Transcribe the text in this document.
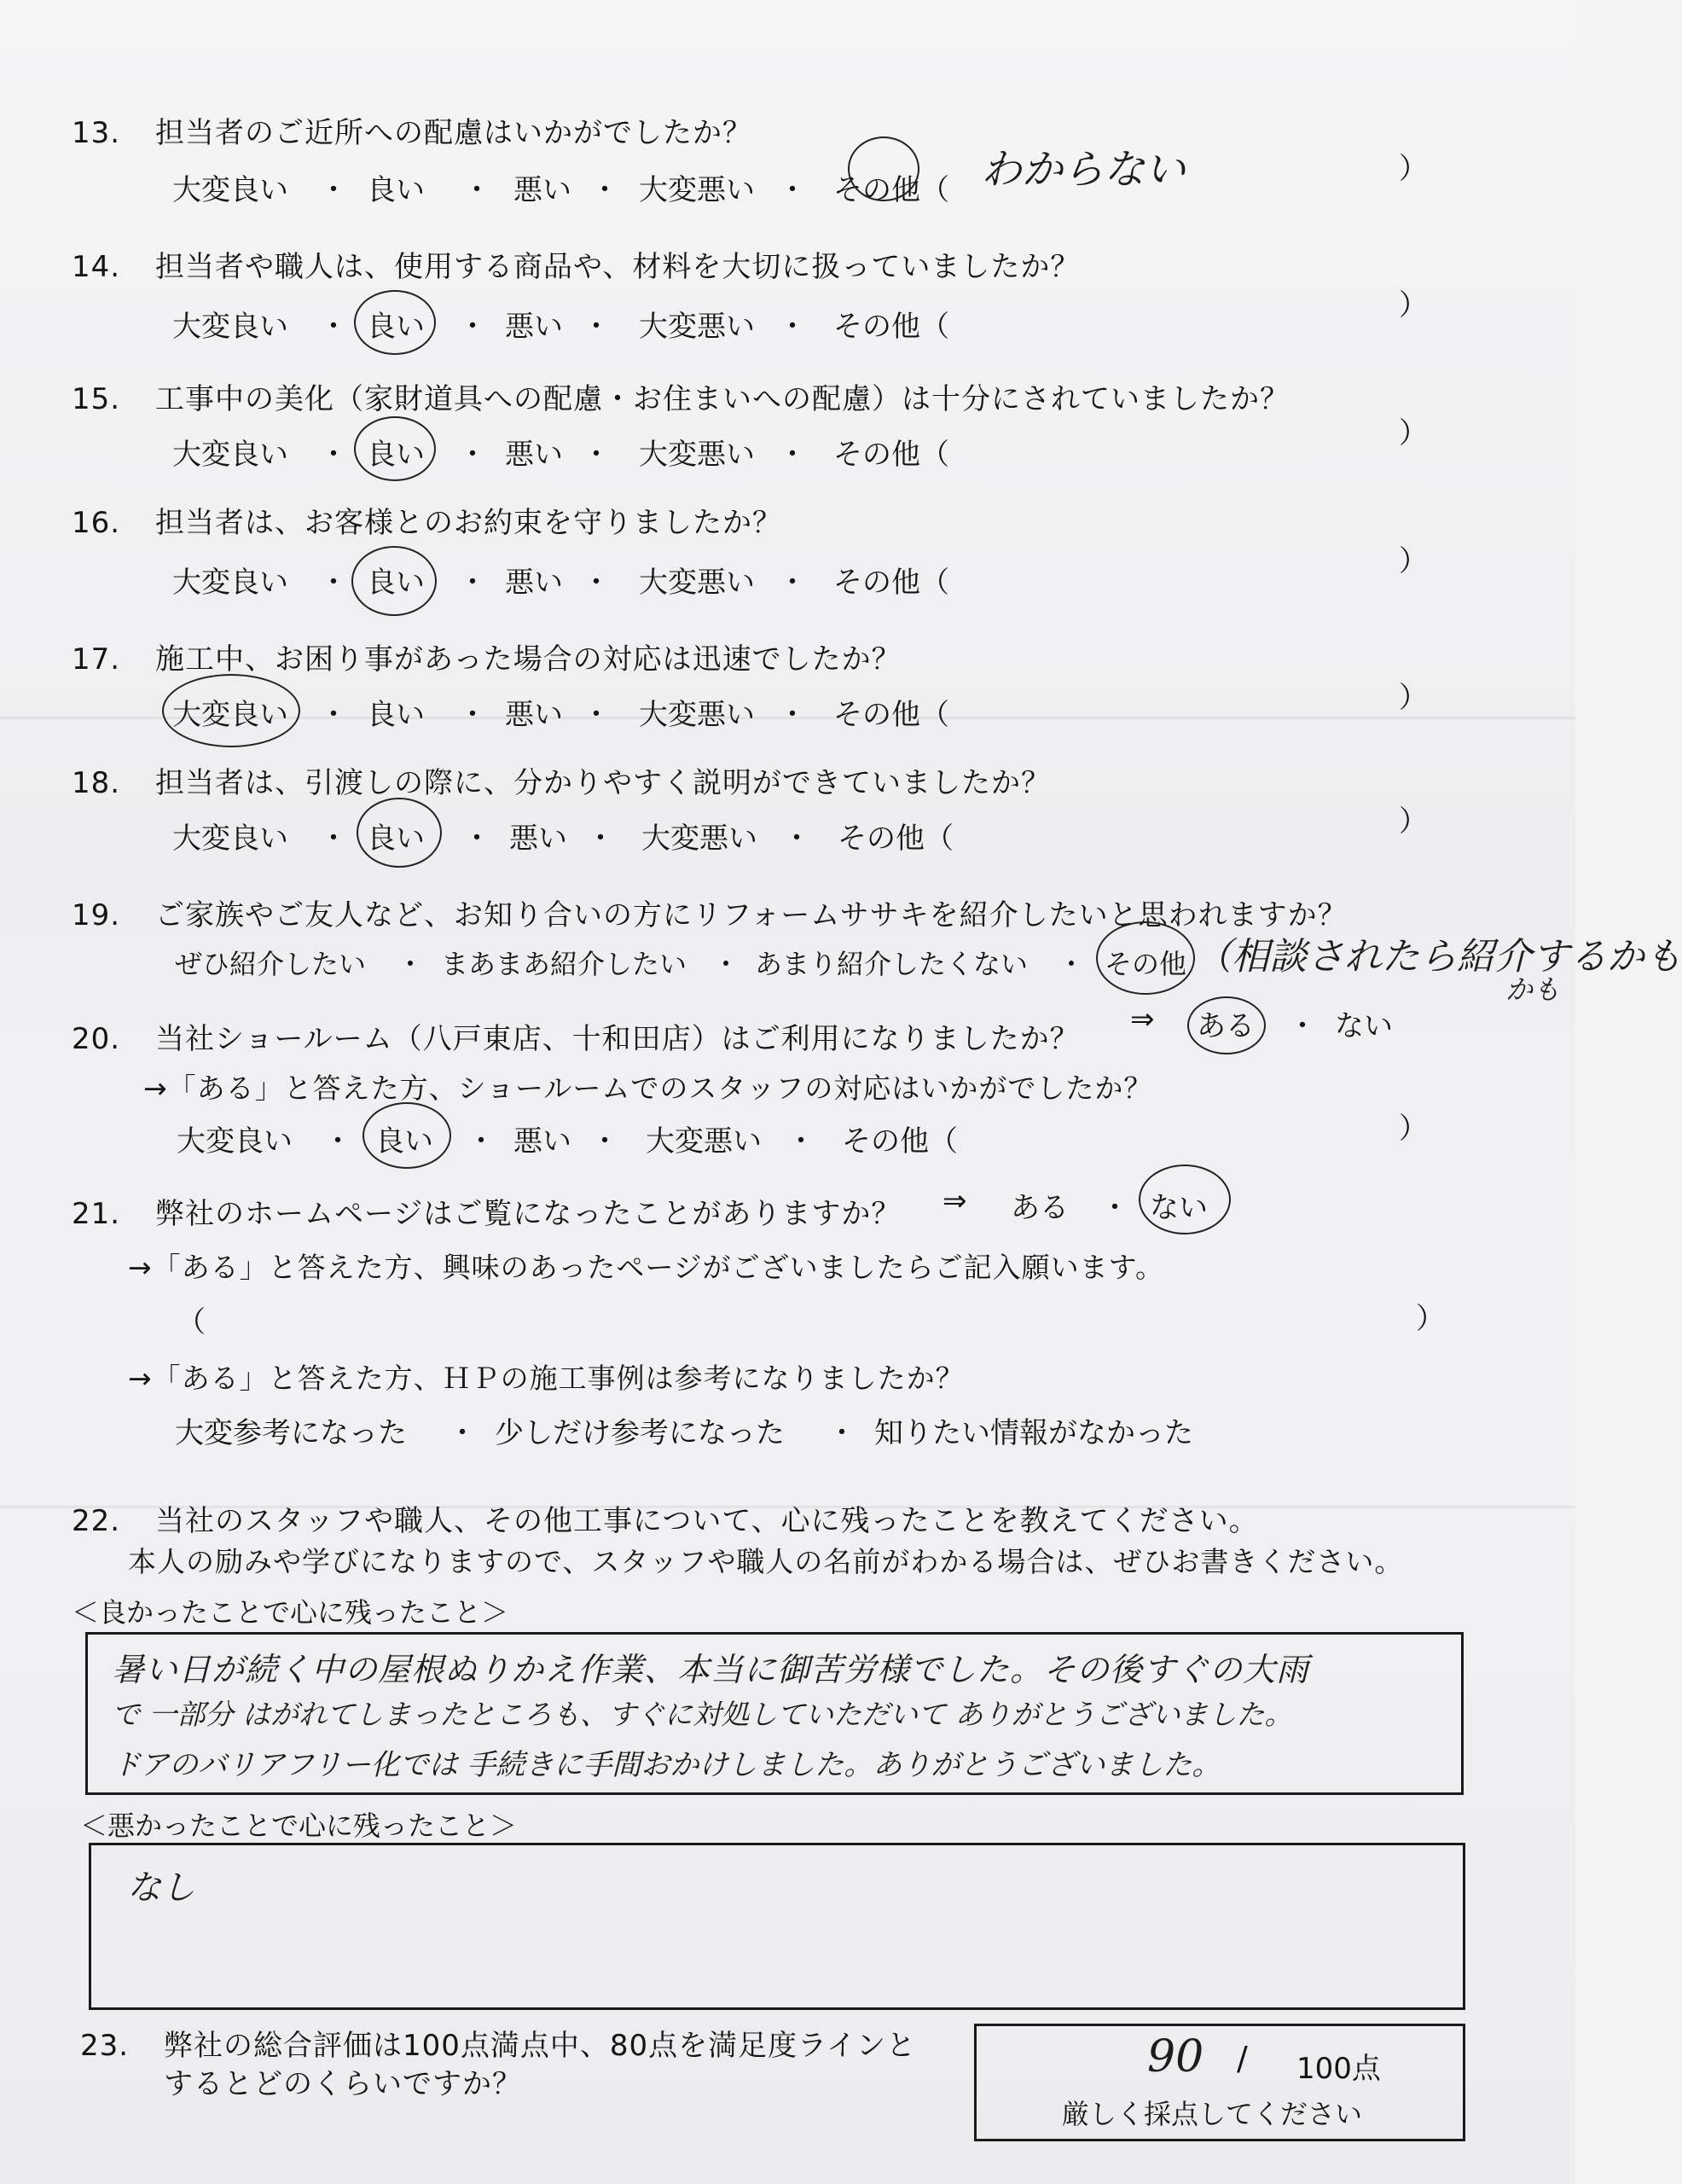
13. 担当者のご近所への配慮はいかがでしたか？
大変良い ・ 良い ・ 悪い ・ 大変悪い ・ その他（ わからない	）
14. 担当者や職人は、使用する商品や、材料を大切に扱っていましたか？
大変良い ・ 良い ・ 悪い ・ 大変悪い ・ その他（
）
15. 工事中の美化（家財道具への配慮・お住まいへの配慮）は十分にされていましたか？
大変良い ・ 良い ・ 悪い ・ 大変悪い ・ その他（
）
16. 担当者は、お客様とのお約束を守りましたか？
大変良い ・ 良い ・ 悪い ・ 大変悪い ・ その他（
）
17. 施工中、お困り事があった場合の対応は迅速でしたか？
大変良い ・ 良い ・ 悪い ・ 大変悪い ・ その他（	）
18. 担当者は、引渡しの際に、分かりやすく説明ができていましたか？
大変良い ・ 良い ・ 悪い ・ 大変悪い ・ その他（	）
19. ご家族やご友人など、お知り合いの方にリフォームササキを紹介したいと思われますか？
ぜひ紹介したい ・ まあまあ紹介したい ・ あまり紹介したくない ・ その他 （相談されたら紹介するかも
かも
20. 当社ショールーム（八戸東店、十和田店）はご利用になりましたか？
⇒ ある ・ ない
→「ある」と答えた方、ショールームでのスタッフの対応はいかがでしたか？
大変良い ・ 良い ・ 悪い ・ 大変悪い ・ その他（	）
21. 弊社のホームページはご覧になったことがありますか？ ⇒ ある ・ ない
→「ある」と答えた方、興味のあったページがございましたらご記入願います。
（	）
→「ある」と答えた方、ＨＰの施工事例は参考になりましたか？
大変参考になった ・ 少しだけ参考になった ・ 知りたい情報がなかった
22. 当社のスタッフや職人、その他工事について、心に残ったことを教えてください。
本人の励みや学びになりますので、スタッフや職人の名前がわかる場合は、ぜひお書きください。
＜良かったことで心に残ったこと＞
暑い日が続く中の屋根ぬりかえ作業、本当に御苦労様でした。その後すぐの大雨
で 一部分 はがれてしまったところも、すぐに対処していただいて ありがとうございました。
ドアのバリアフリー化では 手続きに手間おかけしました。ありがとうございました。
＜悪かったことで心に残ったこと＞
なし
23. 弊社の総合評価は100点満点中、80点を満足度ラインと
するとどのくらいですか？
90 / 100点
厳しく採点してください
